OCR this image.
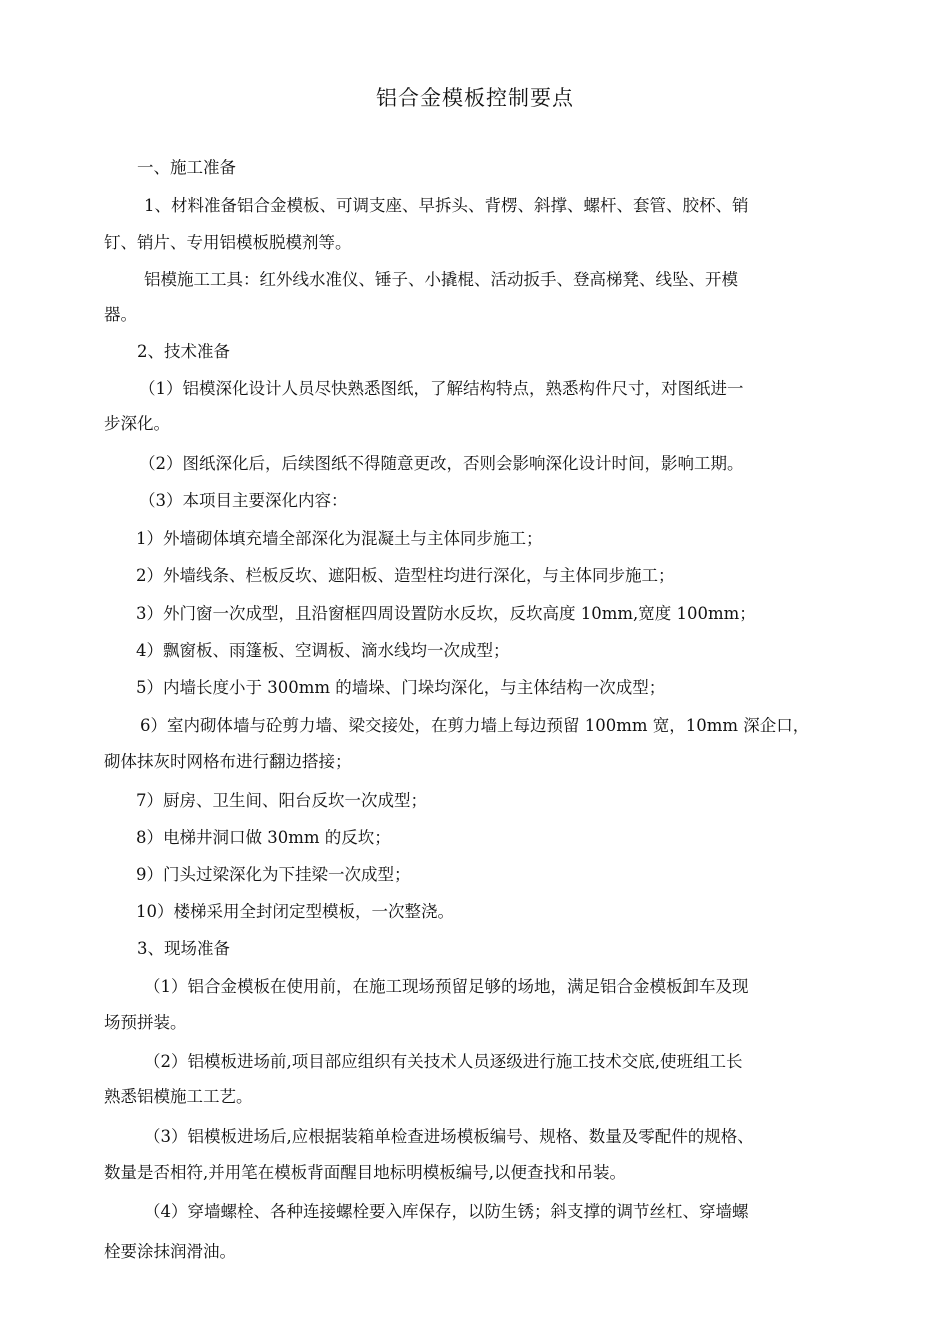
铝合金模板控制要点
一、施工准备
1、材料准备铝合金模板、可调支座、早拆头、背楞、斜撑、螺杆、套管、胶杯、销
钉、销片、专用铝模板脱模剂等。
铝模施工工具：红外线水准仪、锤子、小撬棍、活动扳手、登高梯凳、线坠、开模
器。
2、技术准备
（1）铝模深化设计人员尽快熟悉图纸，了解结构特点，熟悉构件尺寸，对图纸进一
步深化。
（2）图纸深化后，后续图纸不得随意更改，否则会影响深化设计时间，影响工期。
（3）本项目主要深化内容：
1）外墙砌体填充墙全部深化为混凝土与主体同步施工；
2）外墙线条、栏板反坎、遮阳板、造型柱均进行深化，与主体同步施工；
3）外门窗一次成型，且沿窗框四周设置防水反坎，反坎高度 10mm,宽度 100mm；
4）飘窗板、雨篷板、空调板、滴水线均一次成型；
5）内墙长度小于 300mm 的墙垛、门垛均深化，与主体结构一次成型；
6）室内砌体墙与砼剪力墙、梁交接处，在剪力墙上每边预留 100mm 宽，10mm 深企口，
砌体抹灰时网格布进行翻边搭接；
7）厨房、卫生间、阳台反坎一次成型；
8）电梯井洞口做 30mm 的反坎；
9）门头过梁深化为下挂梁一次成型；
10）楼梯采用全封闭定型模板，一次整浇。
3、现场准备
（1）铝合金模板在使用前，在施工现场预留足够的场地，满足铝合金模板卸车及现
场预拼装。
（2）铝模板进场前,项目部应组织有关技术人员逐级进行施工技术交底,使班组工长
熟悉铝模施工工艺。
（3）铝模板进场后,应根据装箱单检查进场模板编号、规格、数量及零配件的规格、
数量是否相符,并用笔在模板背面醒目地标明模板编号,以便查找和吊装。
（4）穿墙螺栓、各种连接螺栓要入库保存，以防生锈；斜支撑的调节丝杠、穿墙螺
栓要涂抹润滑油。
